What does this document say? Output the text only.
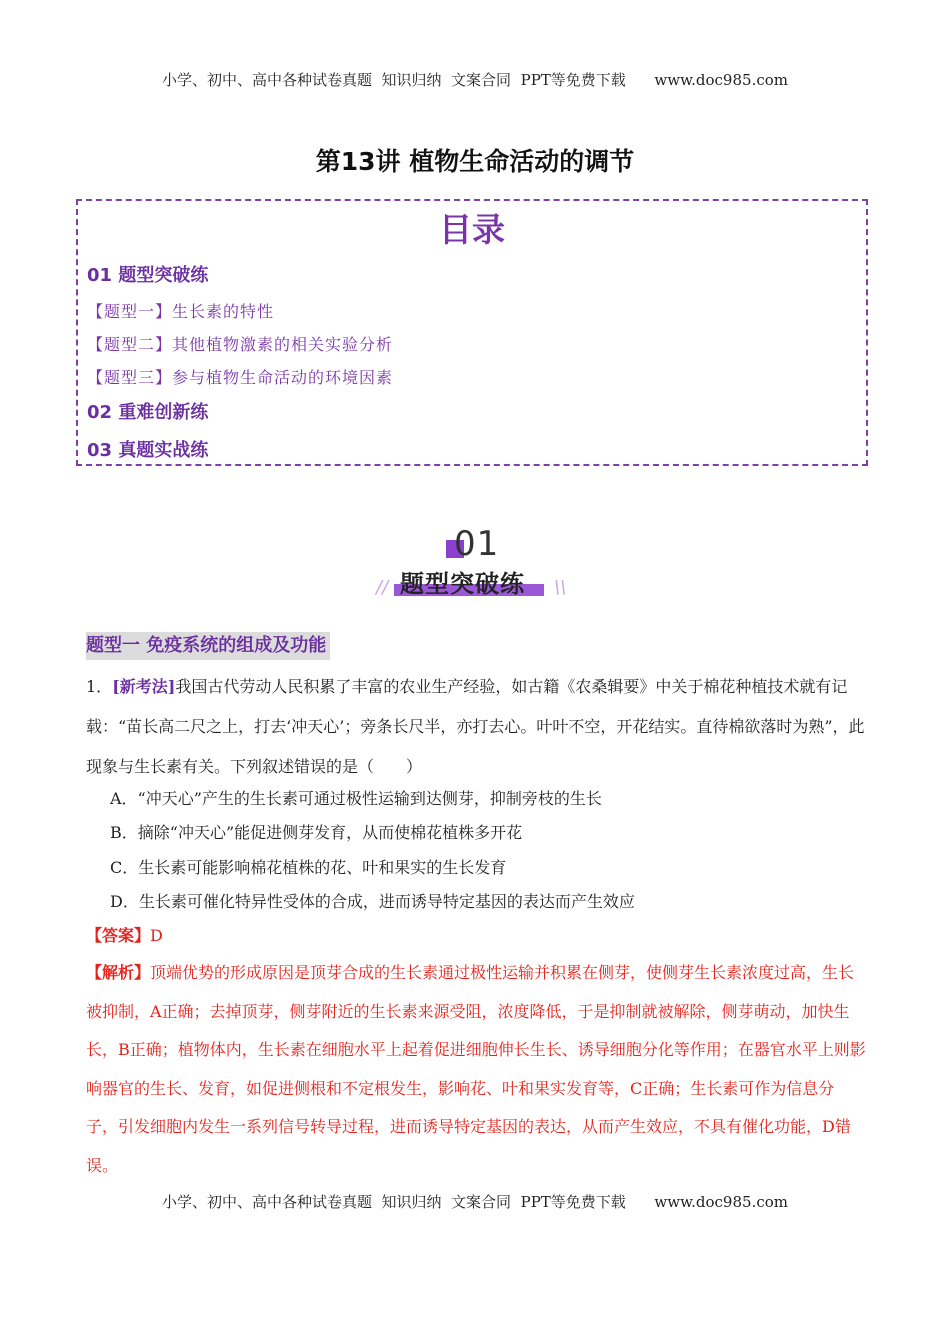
小学、初中、高中各种试卷真题  知识归纳  文案合同  PPT等免费下载      www.doc985.com
第13讲 植物生命活动的调节
目录
01 题型突破练
【题型一】生长素的特性
【题型二】其他植物激素的相关实验分析
【题型三】参与植物生命活动的环境因素
02 重难创新练
03 真题实战练
01
题型突破练
//	\\
题型一 免疫系统的组成及功能
1．[新考法]我国古代劳动人民积累了丰富的农业生产经验，如古籍《农桑辑要》中关于棉花种植技术就有记载：“苗长高二尺之上，打去‘冲天心’；旁条长尺半，亦打去心。叶叶不空，开花结实。直待棉欲落时为熟”，此现象与生长素有关。下列叙述错误的是（　　）
A．“冲天心”产生的生长素可通过极性运输到达侧芽，抑制旁枝的生长
B．摘除“冲天心”能促进侧芽发育，从而使棉花植株多开花
C．生长素可能影响棉花植株的花、叶和果实的生长发育
D．生长素可催化特异性受体的合成，进而诱导特定基因的表达而产生效应
【答案】D
【解析】顶端优势的形成原因是顶芽合成的生长素通过极性运输并积累在侧芽，使侧芽生长素浓度过高，生长被抑制，A正确；去掉顶芽，侧芽附近的生长素来源受阻，浓度降低，于是抑制就被解除，侧芽萌动，加快生长，B正确；植物体内，生长素在细胞水平上起着促进细胞伸长生长、诱导细胞分化等作用；在器官水平上则影响器官的生长、发育，如促进侧根和不定根发生，影响花、叶和果实发育等，C正确；生长素可作为信息分子，引发细胞内发生一系列信号转导过程，进而诱导特定基因的表达，从而产生效应，不具有催化功能，D错误。
小学、初中、高中各种试卷真题  知识归纳  文案合同  PPT等免费下载      www.doc985.com
